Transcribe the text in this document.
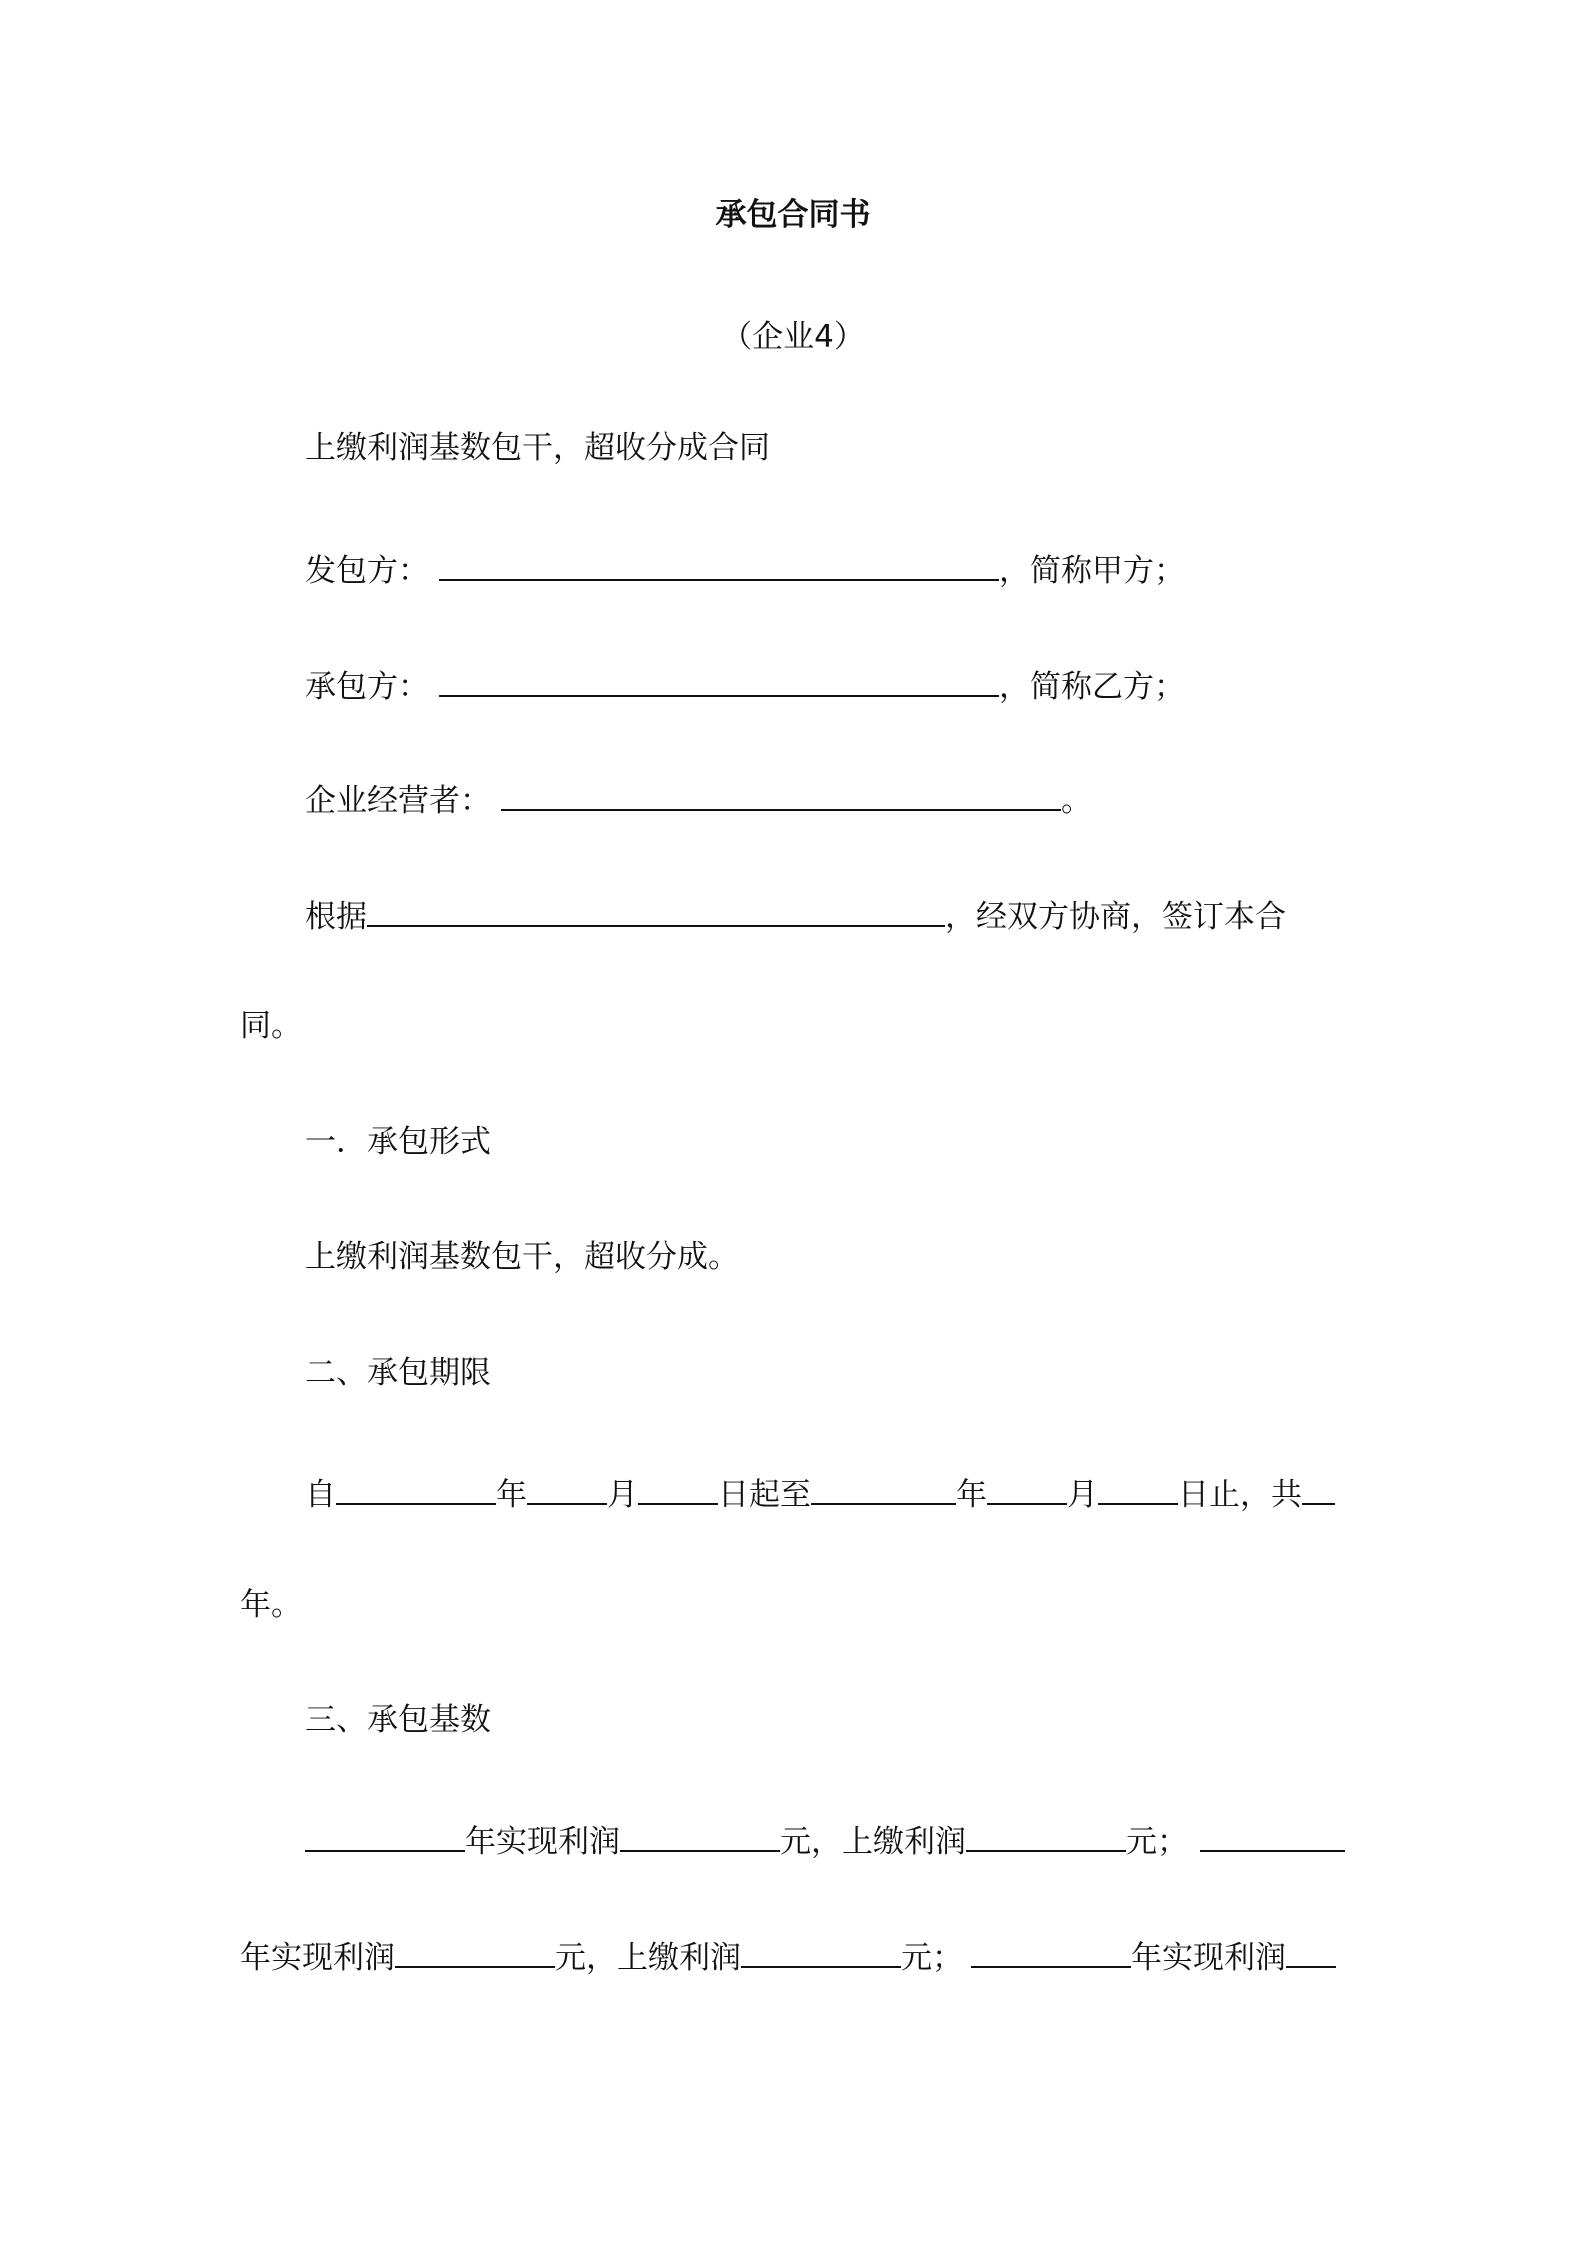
承包合同书
（企业4）
上缴利润基数包干，超收分成合同
发包方：	，简称甲方；
承包方：	，简称乙方；
企业经营者：	。
根据	，经双方协商，签订本合
同。
一．承包形式
上缴利润基数包干，超收分成。
二、承包期限
自	年	月	日起至	年	月	日止，共
年。
三、承包基数
年实现利润	元，上缴利润	元；
年实现利润	元，上缴利润	元；	年实现利润
